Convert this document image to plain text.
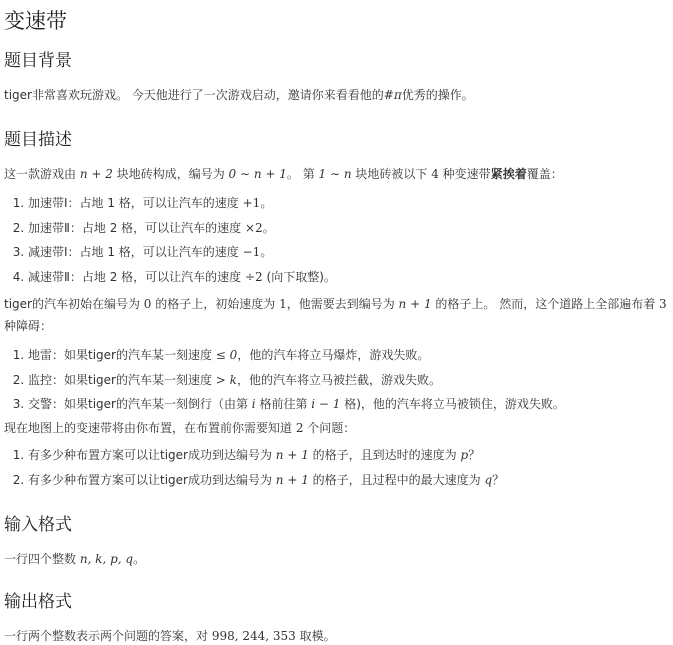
变速带
题目背景

tiger非常喜欢玩游戏。 今天他进行了一次游戏启动，邀请你来看看他的#π优秀的操作。

题目描述

这一款游戏由 n + 2 块地砖构成，编号为 0 ∼ n + 1。 第 1 ∼ n 块地砖被以下 4 种变速带紧挨着覆盖：

1. 加速带Ⅰ：占地 1 格，可以让汽车的速度 +1。
2. 加速带Ⅱ：占地 2 格，可以让汽车的速度 ×2。
3. 减速带Ⅰ：占地 1 格，可以让汽车的速度 −1。
4. 减速带Ⅱ：占地 2 格，可以让汽车的速度 ÷2 (向下取整)。

tiger的汽车初始在编号为 0 的格子上，初始速度为 1，他需要去到编号为 n + 1 的格子上。 然而，这个道路上全部遍布着 3 种障碍：

1. 地雷：如果tiger的汽车某一刻速度 ≤ 0，他的汽车将立马爆炸，游戏失败。
2. 监控：如果tiger的汽车某一刻速度 > k，他的汽车将立马被拦截，游戏失败。
3. 交警：如果tiger的汽车某一刻倒行（由第 i 格前往第 i − 1 格)，他的汽车将立马被锁住，游戏失败。

现在地图上的变速带将由你布置，在布置前你需要知道 2 个问题：

1. 有多少种布置方案可以让tiger成功到达编号为 n + 1 的格子，且到达时的速度为 p？
2. 有多少种布置方案可以让tiger成功到达编号为 n + 1 的格子，且过程中的最大速度为 q？
输入格式

一行四个整数 n, k, p, q。

输出格式

一行两个整数表示两个问题的答案，对 998, 244, 353 取模。
